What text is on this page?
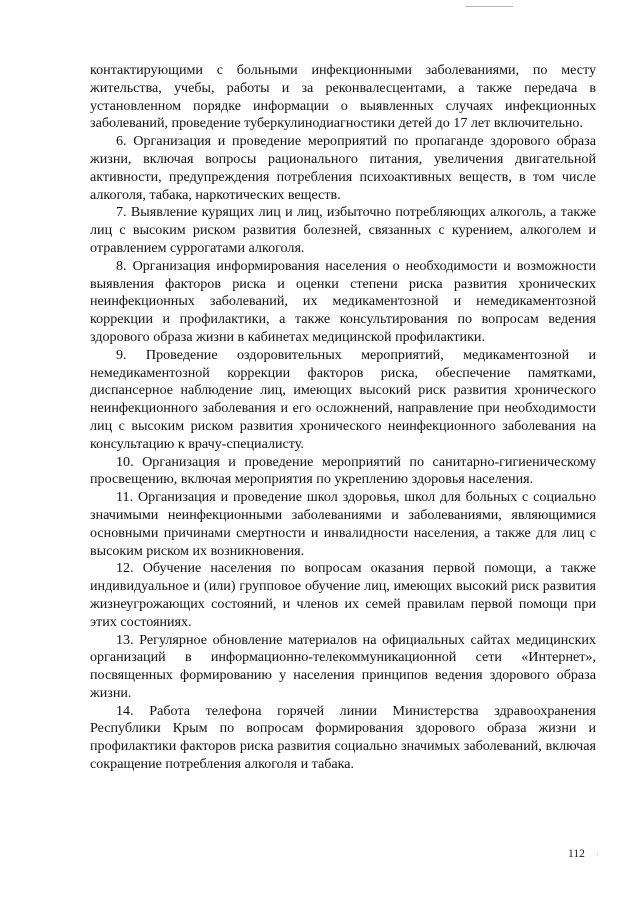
контактирующими с больными инфекционными заболеваниями, по месту жительства, учебы, работы и за реконвалесцентами, а также передача в установленном порядке информации о выявленных случаях инфекционных заболеваний, проведение туберкулинодиагностики детей до 17 лет включительно.

6. Организация и проведение мероприятий по пропаганде здорового образа жизни, включая вопросы рационального питания, увеличения двигательной активности, предупреждения потребления психоактивных веществ, в том числе алкоголя, табака, наркотических веществ.

7. Выявление курящих лиц и лиц, избыточно потребляющих алкоголь, а также лиц с высоким риском развития болезней, связанных с курением, алкоголем и отравлением суррогатами алкоголя.

8. Организация информирования населения о необходимости и возможности выявления факторов риска и оценки степени риска развития хронических неинфекционных заболеваний, их медикаментозной и немедикаментозной коррекции и профилактики, а также консультирования по вопросам ведения здорового образа жизни в кабинетах медицинской профилактики.

9. Проведение оздоровительных мероприятий, медикаментозной и немедикаментозной коррекции факторов риска, обеспечение памятками, диспансерное наблюдение лиц, имеющих высокий риск развития хронического неинфекционного заболевания и его осложнений, направление при необходимости лиц с высоким риском развития хронического неинфекционного заболевания на консультацию к врачу-специалисту.

10. Организация и проведение мероприятий по санитарно-гигиеническому просвещению, включая мероприятия по укреплению здоровья населения.

11. Организация и проведение школ здоровья, школ для больных с социально значимыми неинфекционными заболеваниями и заболеваниями, являющимися основными причинами смертности и инвалидности населения, а также для лиц с высоким риском их возникновения.

12. Обучение населения по вопросам оказания первой помощи, а также индивидуальное и (или) групповое обучение лиц, имеющих высокий риск развития жизнеугрожающих состояний, и членов их семей правилам первой помощи при этих состояниях.

13. Регулярное обновление материалов на официальных сайтах медицинских организаций в информационно-телекоммуникационной сети «Интернет», посвященных формированию у населения принципов ведения здорового образа жизни.

14. Работа телефона горячей линии Министерства здравоохранения Республики Крым по вопросам формирования здорового образа жизни и профилактики факторов риска развития социально значимых заболеваний, включая сокращение потребления алкоголя и табака.

112 ˙
